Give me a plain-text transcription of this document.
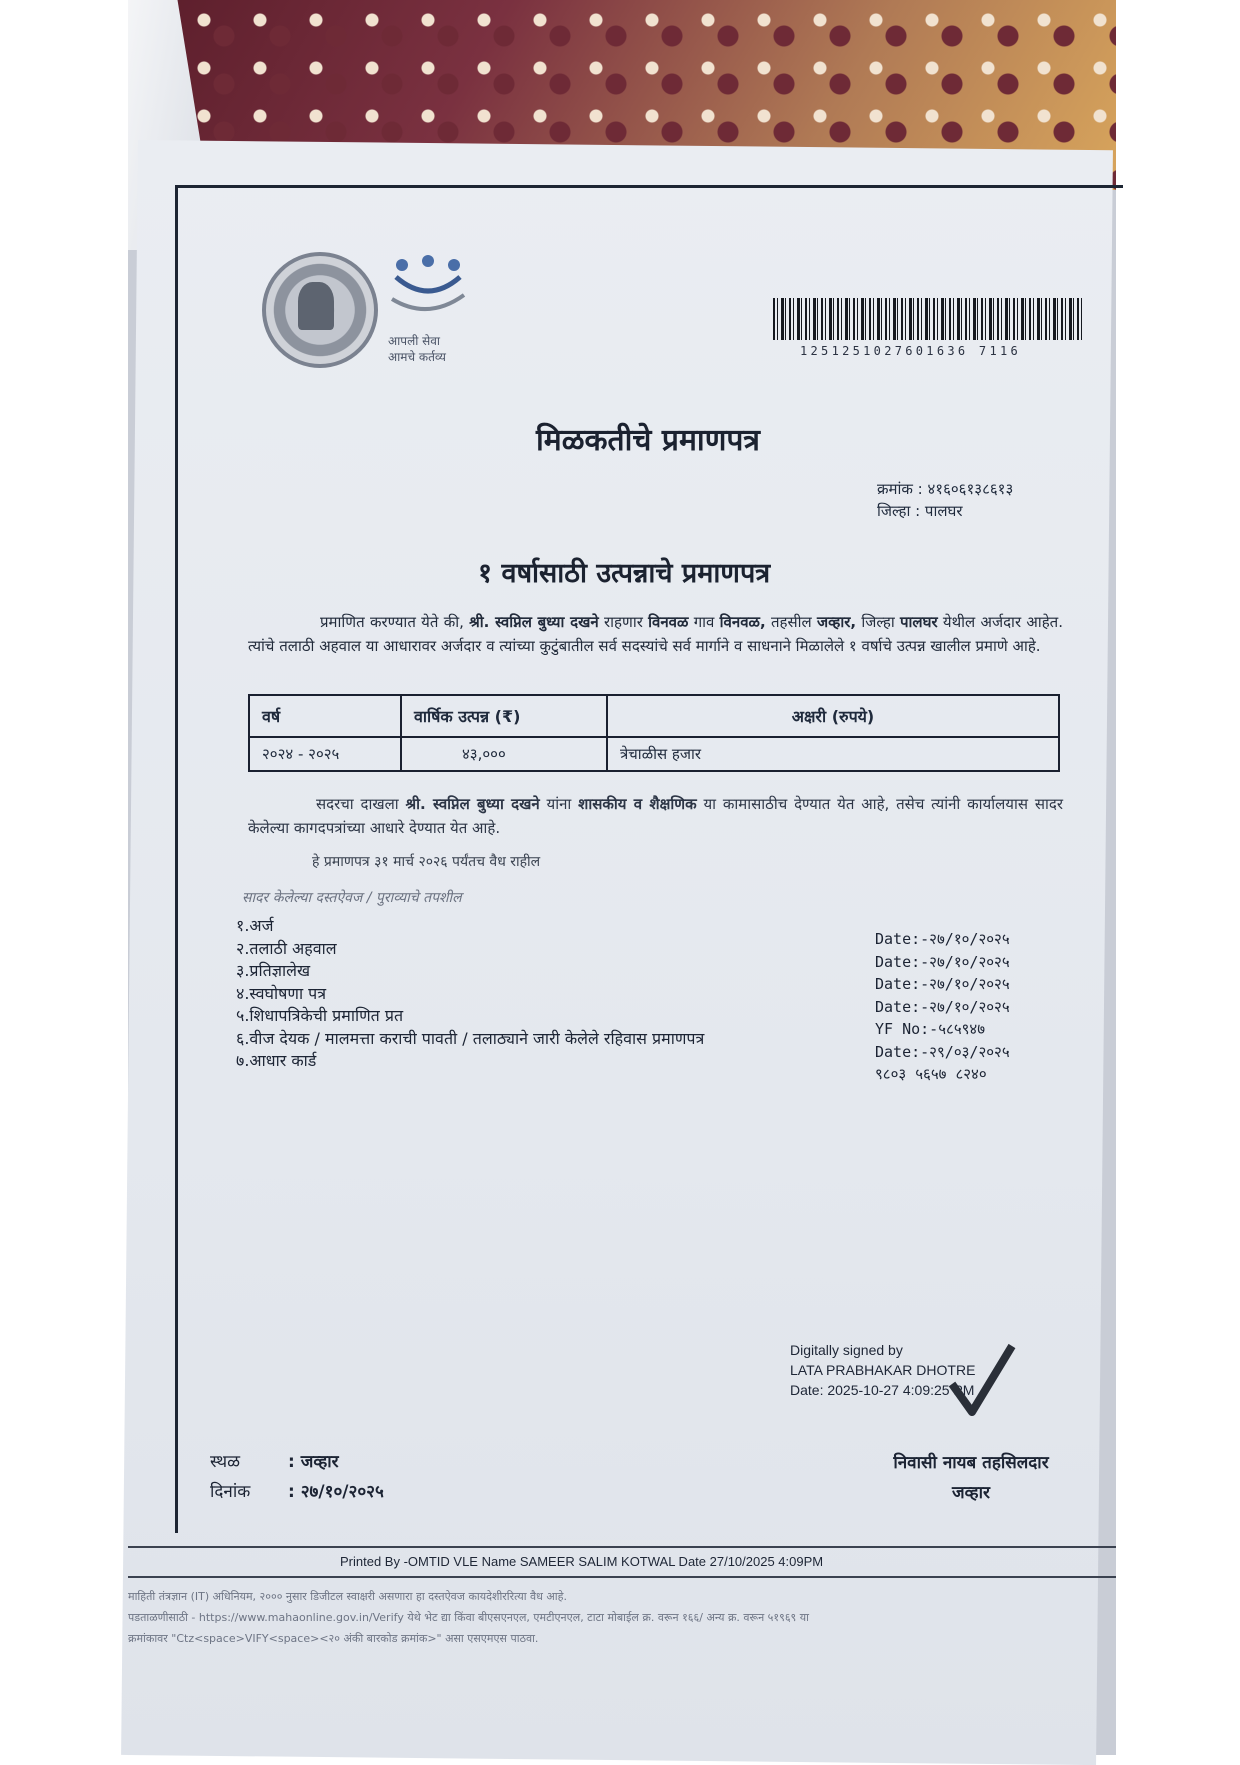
आपली सेवा
आमचे कर्तव्य	1251251027601636 7116
मिळकतीचे प्रमाणपत्र
क्रमांक : ४१६०६१३८६१३
जिल्हा : पालघर
१ वर्षासाठी उत्पन्नाचे प्रमाणपत्र
प्रमाणित करण्यात येते की, श्री. स्वप्निल बुध्या दखने राहणार विनवळ गाव विनवळ, तहसील जव्हार, जिल्हा पालघर येथील अर्जदार आहेत. त्यांचे तलाठी अहवाल या आधारावर अर्जदार व त्यांच्या कुटुंबातील सर्व सदस्यांचे सर्व मार्गाने व साधनाने मिळालेले १ वर्षाचे उत्पन्न खालील प्रमाणे आहे.
वर्ष	वार्षिक उत्पन्न (₹)	अक्षरी (रुपये)
२०२४ - २०२५	४३,०००	त्रेचाळीस हजार
सदरचा दाखला श्री. स्वप्निल बुध्या दखने यांना शासकीय व शैक्षणिक या कामासाठीच देण्यात येत आहे, तसेच त्यांनी कार्यालयास सादर केलेल्या कागदपत्रांच्या आधारे देण्यात येत आहे.
हे प्रमाणपत्र ३१ मार्च २०२६ पर्यंतच वैध राहील
सादर केलेल्या दस्तऐवज / पुराव्याचे तपशील
१.अर्ज
२.तलाठी अहवाल
३.प्रतिज्ञालेख
४.स्वघोषणा पत्र
५.शिधापत्रिकेची प्रमाणित प्रत
६.वीज देयक / मालमत्ता कराची पावती / तलाठ्याने जारी केलेले रहिवास प्रमाणपत्र
७.आधार कार्ड
Date:-२७/१०/२०२५
Date:-२७/१०/२०२५
Date:-२७/१०/२०२५
Date:-२७/१०/२०२५
YF No:-५८५९४७
Date:-२९/०३/२०२५
९८०३ ५६५७ ८२४०
Digitally signed by
LATA PRABHAKAR DHOTRE
Date: 2025-10-27 4:09:25 PM
स्थळ	: जव्हार
दिनांक : २७/१०/२०२५
निवासी नायब तहसिलदार
जव्हार
Printed By -OMTID VLE Name SAMEER SALIM KOTWAL Date 27/10/2025 4:09PM
माहिती तंत्रज्ञान (IT) अधिनियम, २००० नुसार डिजीटल स्वाक्षरी असणारा हा दस्तऐवज कायदेशीररित्या वैध आहे.
पडताळणीसाठी - https://www.mahaonline.gov.in/Verify येथे भेट द्या किंवा बीएसएनएल, एमटीएनएल, टाटा मोबाईल क्र. वरून १६६/ अन्य क्र. वरून ५१९६९ या
क्रमांकावर "Ctz<space>VIFY<space><२० अंकी बारकोड क्रमांक>" असा एसएमएस पाठवा.
